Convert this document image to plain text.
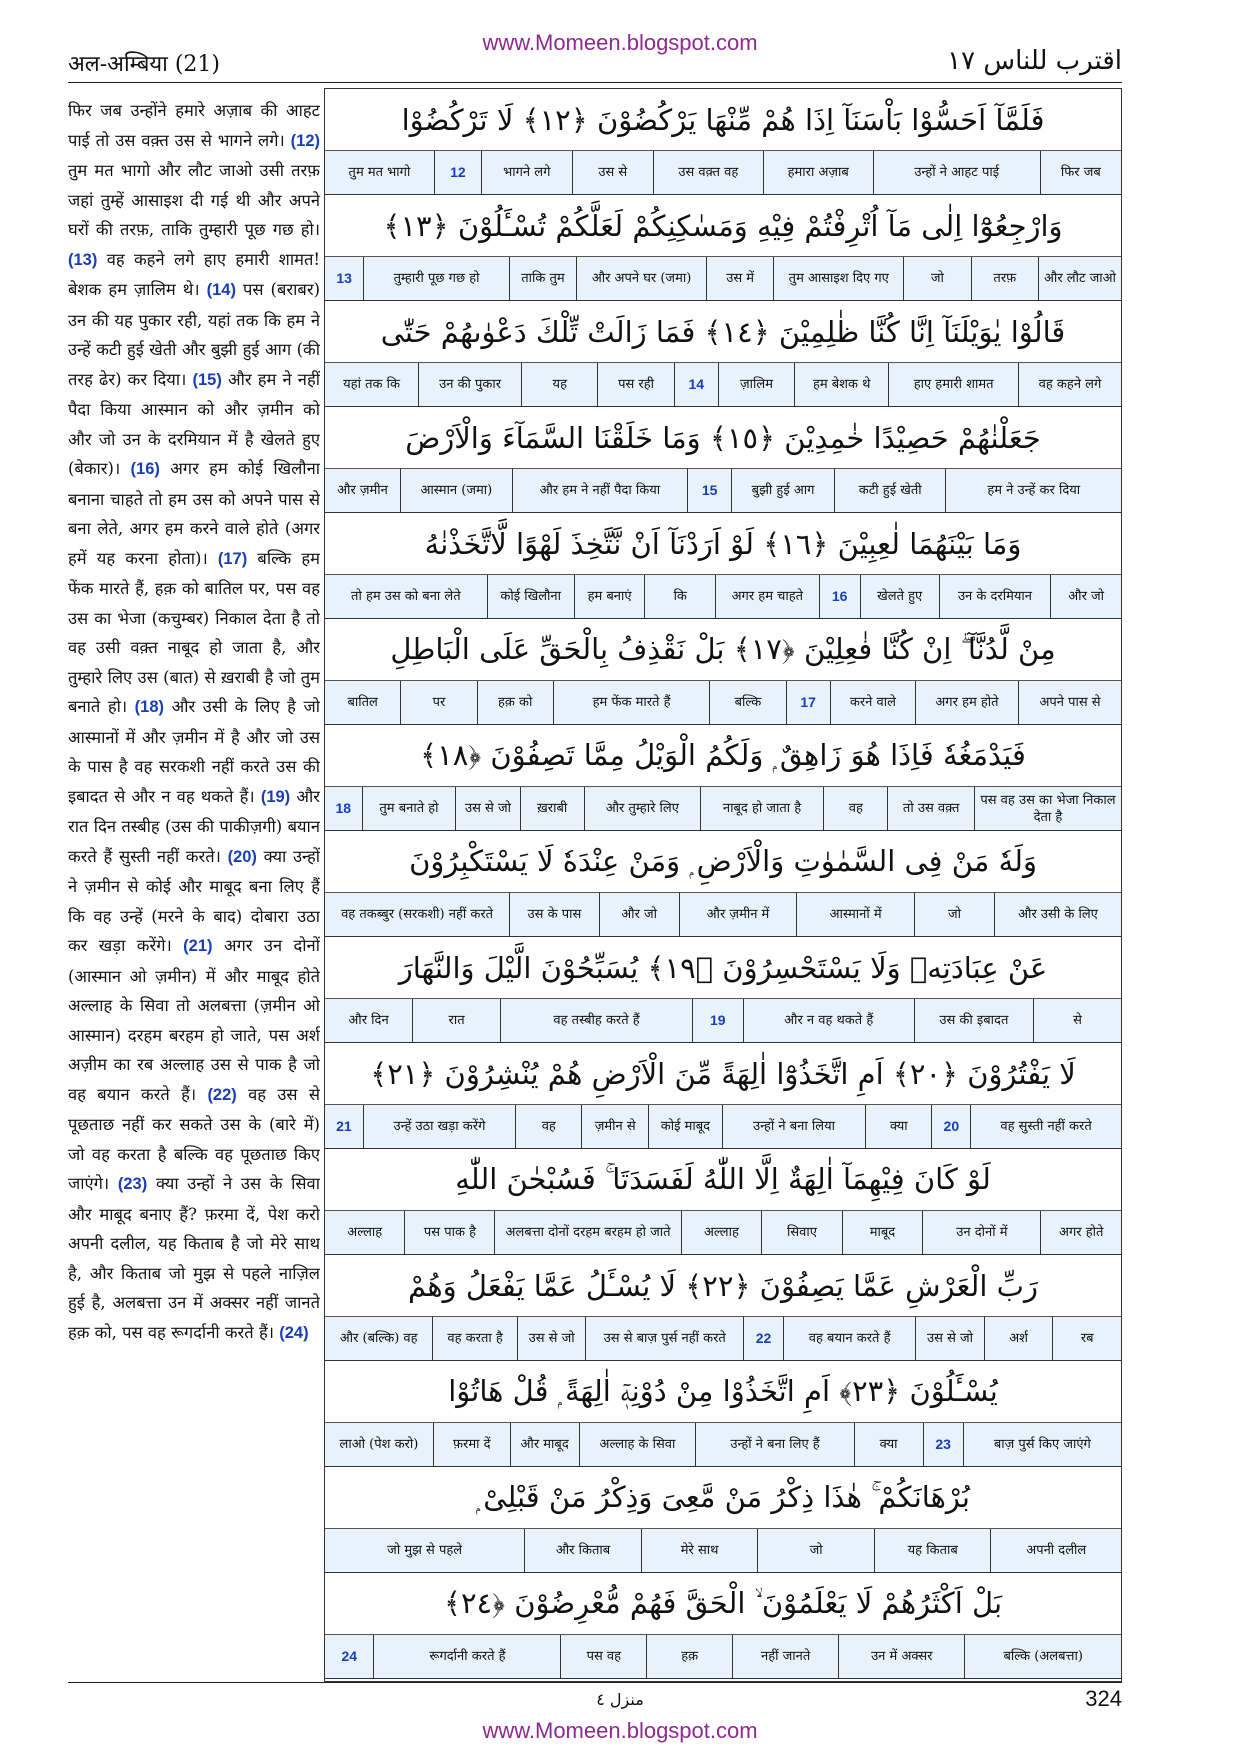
www.Momeen.blogspot.com
अल-अम्बिया (21)	اقترب للناس ١٧
फिर जब उन्होंने हमारे अज़ाब की आहट पाई तो उस वक़्त उस से भागने लगे। (12) तुम मत भागो और लौट जाओ उसी तरफ़ जहां तुम्हें आसाइश दी गई थी और अपने घरों की तरफ़, ताकि तुम्हारी पूछ गछ हो। (13) वह कहने लगे हाए हमारी शामत! बेशक हम ज़ालिम थे। (14) पस (बराबर) उन की यह पुकार रही, यहां तक कि हम ने उन्हें कटी हुई खेती और बुझी हुई आग (की तरह ढेर) कर दिया। (15) और हम ने नहीं पैदा किया आस्मान को और ज़मीन को और जो उन के दरमियान में है खेलते हुए (बेकार)। (16) अगर हम कोई खिलौना बनाना चाहते तो हम उस को अपने पास से बना लेते, अगर हम करने वाले होते (अगर हमें यह करना होता)। (17) बल्कि हम फेंक मारते हैं, हक़ को बातिल पर, पस वह उस का भेजा (कचुम्बर) निकाल देता है तो वह उसी वक़्त नाबूद हो जाता है, और तुम्हारे लिए उस (बात) से ख़राबी है जो तुम बनाते हो। (18) और उसी के लिए है जो आस्मानों में और ज़मीन में है और जो उस के पास है वह सरकशी नहीं करते उस की इबादत से और न वह थकते हैं। (19) और रात दिन तस्बीह (उस की पाकीज़गी) बयान करते हैं सुस्ती नहीं करते। (20) क्या उन्हों ने ज़मीन से कोई और माबूद बना लिए हैं कि वह उन्हें (मरने के बाद) दोबारा उठा कर खड़ा करेंगे। (21) अगर उन दोनों (आस्मान ओ ज़मीन) में और माबूद होते अल्लाह के सिवा तो अलबत्ता (ज़मीन ओ आस्मान) दरहम बरहम हो जाते, पस अर्श अज़ीम का रब अल्लाह उस से पाक है जो वह बयान करते हैं। (22) वह उस से पूछताछ नहीं कर सकते उस के (बारे में) जो वह करता है बल्कि वह पूछताछ किए जाएंगे। (23) क्या उन्हों ने उस के सिवा और माबूद बनाए हैं? फ़रमा दें, पेश करो अपनी दलील, यह किताब है जो मेरे साथ है, और किताब जो मुझ से पहले नाज़िल हुई है, अलबत्ता उन में अक्सर नहीं जानते हक़ को, पस वह रूगर्दानी करते हैं। (24)
فَلَمَّآ اَحَسُّوْا بَاْسَنَآ اِذَا هُمْ مِّنْهَا يَرْكُضُوْنَ ﴿١٢﴾ لَا تَرْكُضُوْا
फिर जब
उन्हों ने आहट पाई
हमारा अज़ाब
उस वक़्त वह
उस से
भागने लगे
12
तुम मत भागो
وَارْجِعُوْٓا اِلٰى مَآ اُتْرِفْتُمْ فِيْهِ وَمَسٰكِنِكُمْ لَعَلَّكُمْ تُسْـَٔلُوْنَ ﴿١٣﴾
और लौट जाओ
तरफ़
जो
तुम आसाइश दिए गए
उस में
और अपने घर (जमा)
ताकि तुम
तुम्हारी पूछ गछ हो
13
قَالُوْا يٰوَيْلَنَآ اِنَّا كُنَّا ظٰلِمِيْنَ ﴿١٤﴾ فَمَا زَالَتْ تِّلْكَ دَعْوٰىهُمْ حَتّٰى
वह कहने लगे
हाए हमारी शामत
हम बेशक थे
ज़ालिम
14
पस रही
यह
उन की पुकार
यहां तक कि
جَعَلْنٰهُمْ حَصِيْدًا خٰمِدِيْنَ ﴿١٥﴾ وَمَا خَلَقْنَا السَّمَآءَ وَالْاَرْضَ
हम ने उन्हें कर दिया
कटी हुई खेती
बुझी हुई आग
15
और हम ने नहीं पैदा किया
आस्मान (जमा)
और ज़मीन
وَمَا بَيْنَهُمَا لٰعِبِيْنَ ﴿١٦﴾ لَوْ اَرَدْنَآ اَنْ نَّتَّخِذَ لَهْوًا لَّاتَّخَذْنٰهُ
और जो
उन के दरमियान
खेलते हुए
16
अगर हम चाहते
कि
हम बनाएं
कोई खिलौना
तो हम उस को बना लेते
مِنْ لَّدُنَّآ ۖ اِنْ كُنَّا فٰعِلِيْنَ ﴿١٧﴾ بَلْ نَقْذِفُ بِالْحَقِّ عَلَى الْبَاطِلِ
अपने पास से
अगर हम होते
करने वाले
17
बल्कि
हम फेंक मारते हैं
हक़ को
पर
बातिल
فَيَدْمَغُهٗ فَاِذَا هُوَ زَاهِقٌ ۭ وَلَكُمُ الْوَيْلُ مِمَّا تَصِفُوْنَ ﴿١٨﴾
पस वह उस का भेजा निकाल देता है
तो उस वक़्त
वह
नाबूद हो जाता है
और तुम्हारे लिए
ख़राबी
उस से जो
तुम बनाते हो
18
وَلَهٗ مَنْ فِى السَّمٰوٰتِ وَالْاَرْضِ ۭ وَمَنْ عِنْدَهٗ لَا يَسْتَكْبِرُوْنَ
और उसी के लिए
जो
आस्मानों में
और ज़मीन में
और जो
उस के पास
वह तकब्बुर (सरकशी) नहीं करते
عَنْ عِبَادَتِهٖ وَلَا يَسْتَحْسِرُوْنَ ﴿١٩﴾ يُسَبِّحُوْنَ الَّيْلَ وَالنَّهَارَ
से
उस की इबादत
और न वह थकते हैं
19
वह तस्बीह करते हैं
रात
और दिन
لَا يَفْتُرُوْنَ ﴿٢٠﴾ اَمِ اتَّخَذُوْٓا اٰلِهَةً مِّنَ الْاَرْضِ هُمْ يُنْشِرُوْنَ ﴿٢١﴾
वह सुस्ती नहीं करते
20
क्या
उन्हों ने बना लिया
कोई माबूद
ज़मीन से
वह
उन्हें उठा खड़ा करेंगे
21
لَوْ كَانَ فِيْهِمَآ اٰلِهَةٌ اِلَّا اللّٰهُ لَفَسَدَتَا ۚ فَسُبْحٰنَ اللّٰهِ
अगर होते
उन दोनों में
माबूद
सिवाए
अल्लाह
अलबत्ता दोनों दरहम बरहम हो जाते
पस पाक है
अल्लाह
رَبِّ الْعَرْشِ عَمَّا يَصِفُوْنَ ﴿٢٢﴾ لَا يُسْـَٔلُ عَمَّا يَفْعَلُ وَهُمْ
रब
अर्श
उस से जो
वह बयान करते हैं
22
उस से बाज़ पुर्स नहीं करते
उस से जो
वह करता है
और (बल्कि) वह
يُسْـَٔلُوْنَ ﴿٢٣﴾ اَمِ اتَّخَذُوْا مِنْ دُوْنِهٖٓ اٰلِهَةً ۭ قُلْ هَاتُوْا
बाज़ पुर्स किए जाएंगे
23
क्या
उन्हों ने बना लिए हैं
अल्लाह के सिवा
और माबूद
फ़रमा दें
लाओ (पेश करो)
بُرْهَانَكُمْ ۚ هٰذَا ذِكْرُ مَنْ مَّعِىَ وَذِكْرُ مَنْ قَبْلِىْ ۭ
अपनी दलील
यह किताब
जो
मेरे साथ
और किताब
जो मुझ से पहले
بَلْ اَكْثَرُهُمْ لَا يَعْلَمُوْنَ ۙ الْحَقَّ فَهُمْ مُّعْرِضُوْنَ ﴿٢٤﴾
बल्कि (अलबत्ता)
उन में अक्सर
नहीं जानते
हक़
पस वह
रूगर्दानी करते हैं
24
منزل ٤	324
www.Momeen.blogspot.com
